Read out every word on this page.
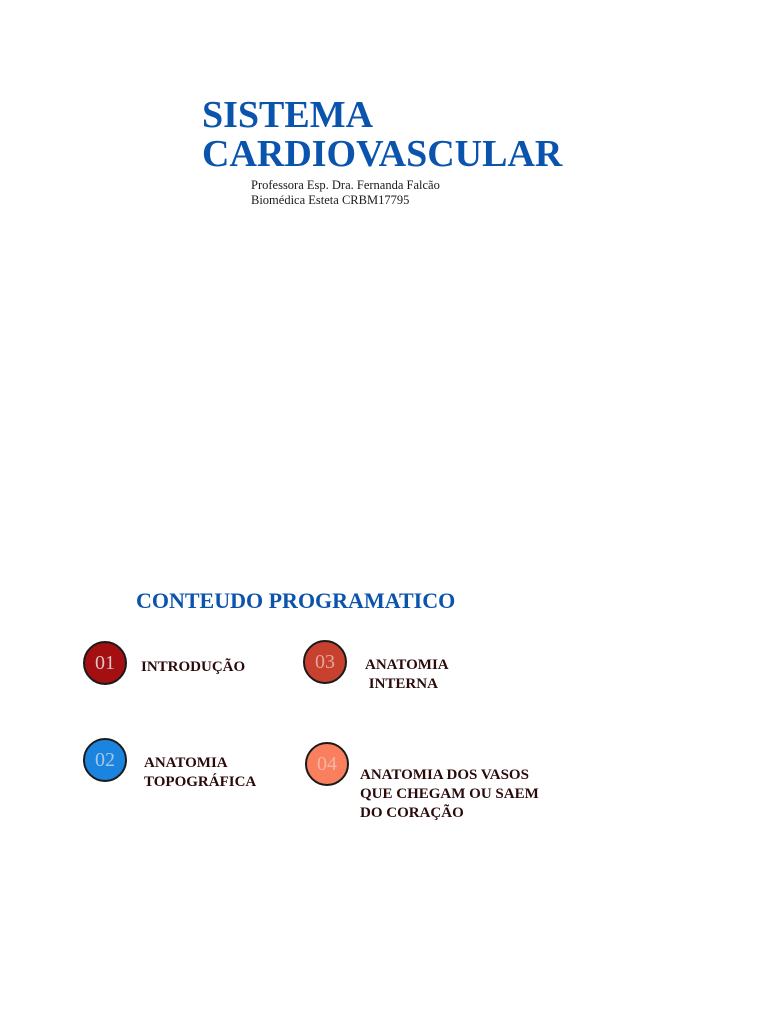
SISTEMA
CARDIOVASCULAR
Professora Esp. Dra. Fernanda Falcão
Biomédica Esteta CRBM17795
CONTEUDO PROGRAMATICO
01 INTRODUÇÃO
02 ANATOMIA
TOPOGRÁFICA
03 ANATOMIA
INTERNA
04 ANATOMIA DOS VASOS
QUE CHEGAM OU SAEM
DO CORAÇÃO
